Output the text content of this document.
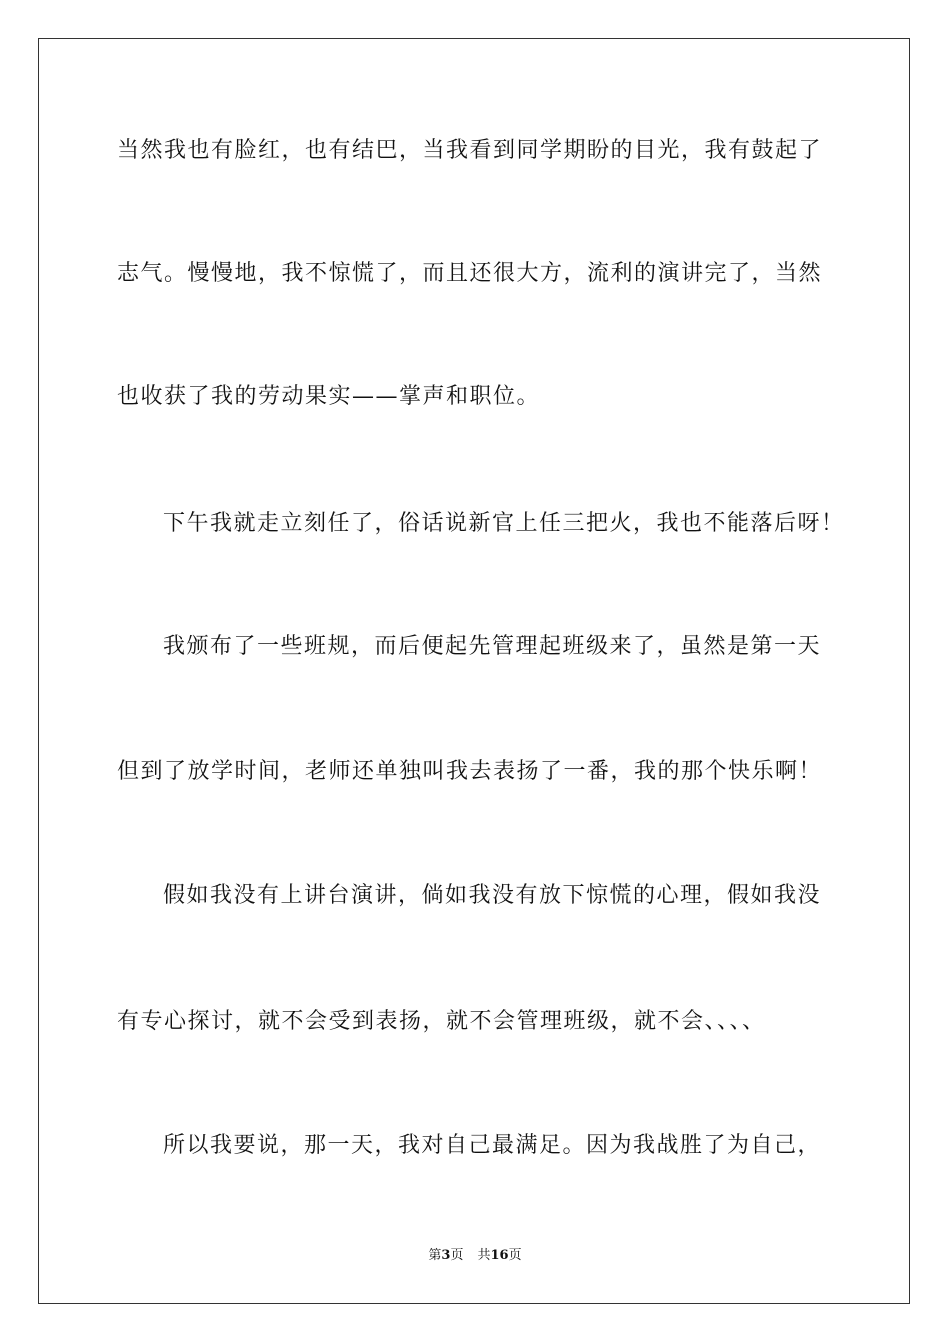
当然我也有脸红，也有结巴，当我看到同学期盼的目光，我有鼓起了
志气。慢慢地，我不惊慌了，而且还很大方，流利的演讲完了，当然
也收获了我的劳动果实——掌声和职位。
下午我就走立刻任了，俗话说新官上任三把火，我也不能落后呀！
我颁布了一些班规，而后便起先管理起班级来了，虽然是第一天
但到了放学时间，老师还单独叫我去表扬了一番，我的那个快乐啊！
假如我没有上讲台演讲，倘如我没有放下惊慌的心理，假如我没
有专心探讨，就不会受到表扬，就不会管理班级，就不会、、、、
所以我要说，那一天，我对自己最满足。因为我战胜了为自己，
第3页 共16页
